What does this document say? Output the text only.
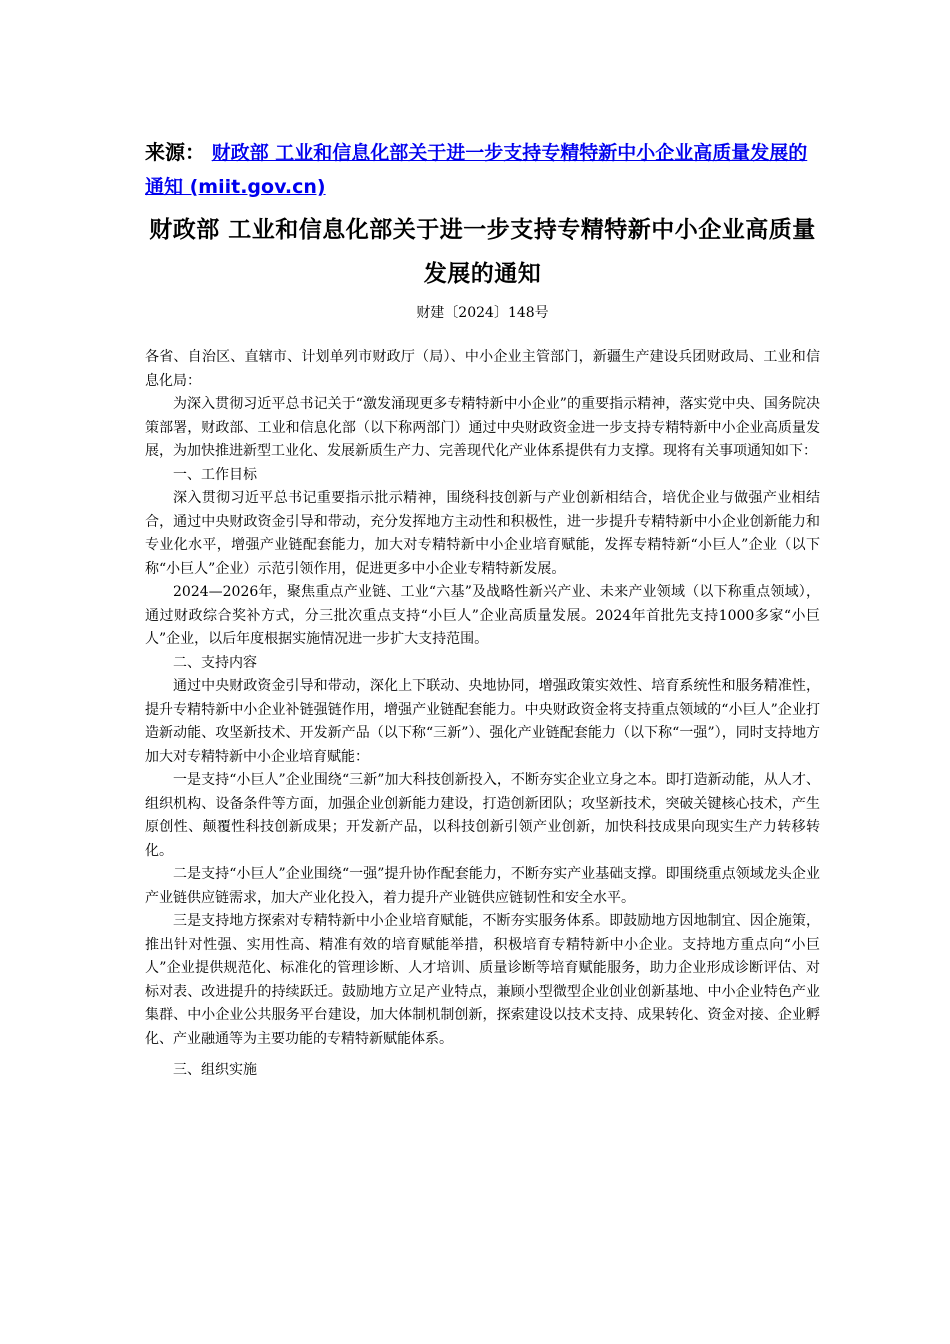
来源： 财政部 工业和信息化部关于进一步支持专精特新中小企业高质量发展的通知 (miit.gov.cn)

财政部 工业和信息化部关于进一步支持专精特新中小企业高质量发展的通知
财建〔2024〕148号

各省、自治区、直辖市、计划单列市财政厅（局）、中小企业主管部门，新疆生产建设兵团财政局、工业和信息化局：

为深入贯彻习近平总书记关于“激发涌现更多专精特新中小企业”的重要指示精神，落实党中央、国务院决策部署，财政部、工业和信息化部（以下称两部门）通过中央财政资金进一步支持专精特新中小企业高质量发展，为加快推进新型工业化、发展新质生产力、完善现代化产业体系提供有力支撑。现将有关事项通知如下：

一、工作目标

深入贯彻习近平总书记重要指示批示精神，围绕科技创新与产业创新相结合，培优企业与做强产业相结合，通过中央财政资金引导和带动，充分发挥地方主动性和积极性，进一步提升专精特新中小企业创新能力和专业化水平，增强产业链配套能力，加大对专精特新中小企业培育赋能，发挥专精特新“小巨人”企业（以下称“小巨人”企业）示范引领作用，促进更多中小企业专精特新发展。

2024—2026年，聚焦重点产业链、工业“六基”及战略性新兴产业、未来产业领域（以下称重点领域），通过财政综合奖补方式，分三批次重点支持“小巨人”企业高质量发展。2024年首批先支持1000多家“小巨人”企业，以后年度根据实施情况进一步扩大支持范围。

二、支持内容

通过中央财政资金引导和带动，深化上下联动、央地协同，增强政策实效性、培育系统性和服务精准性，提升专精特新中小企业补链强链作用，增强产业链配套能力。中央财政资金将支持重点领域的“小巨人”企业打造新动能、攻坚新技术、开发新产品（以下称“三新”）、强化产业链配套能力（以下称“一强”），同时支持地方加大对专精特新中小企业培育赋能：

一是支持“小巨人”企业围绕“三新”加大科技创新投入，不断夯实企业立身之本。即打造新动能，从人才、组织机构、设备条件等方面，加强企业创新能力建设，打造创新团队；攻坚新技术，突破关键核心技术，产生原创性、颠覆性科技创新成果；开发新产品，以科技创新引领产业创新，加快科技成果向现实生产力转移转化。

二是支持“小巨人”企业围绕“一强”提升协作配套能力，不断夯实产业基础支撑。即围绕重点领域龙头企业产业链供应链需求，加大产业化投入，着力提升产业链供应链韧性和安全水平。

三是支持地方探索对专精特新中小企业培育赋能，不断夯实服务体系。即鼓励地方因地制宜、因企施策，推出针对性强、实用性高、精准有效的培育赋能举措，积极培育专精特新中小企业。支持地方重点向“小巨人”企业提供规范化、标准化的管理诊断、人才培训、质量诊断等培育赋能服务，助力企业形成诊断评估、对标对表、改进提升的持续跃迁。鼓励地方立足产业特点，兼顾小型微型企业创业创新基地、中小企业特色产业集群、中小企业公共服务平台建设，加大体制机制创新，探索建设以技术支持、成果转化、资金对接、企业孵化、产业融通等为主要功能的专精特新赋能体系。

三、组织实施
